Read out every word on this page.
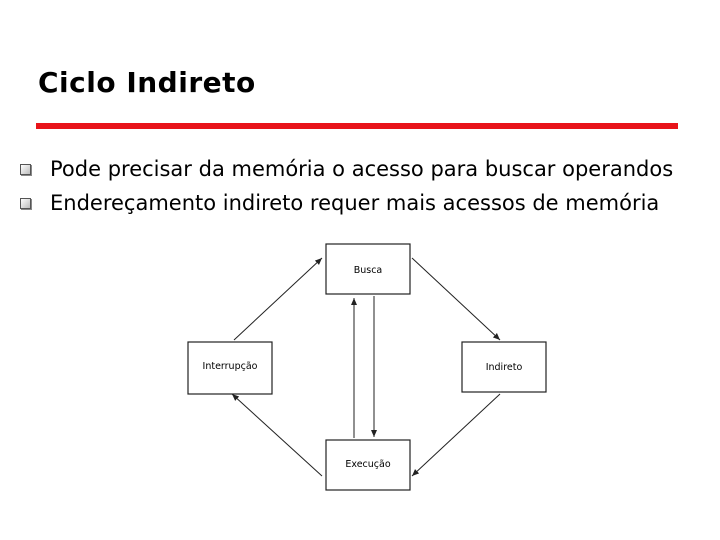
Ciclo Indireto
Pode precisar da memória o acesso para buscar operandos
Endereçamento indireto requer mais acessos de memória
Busca
Interrupção	Indireto
Execução
